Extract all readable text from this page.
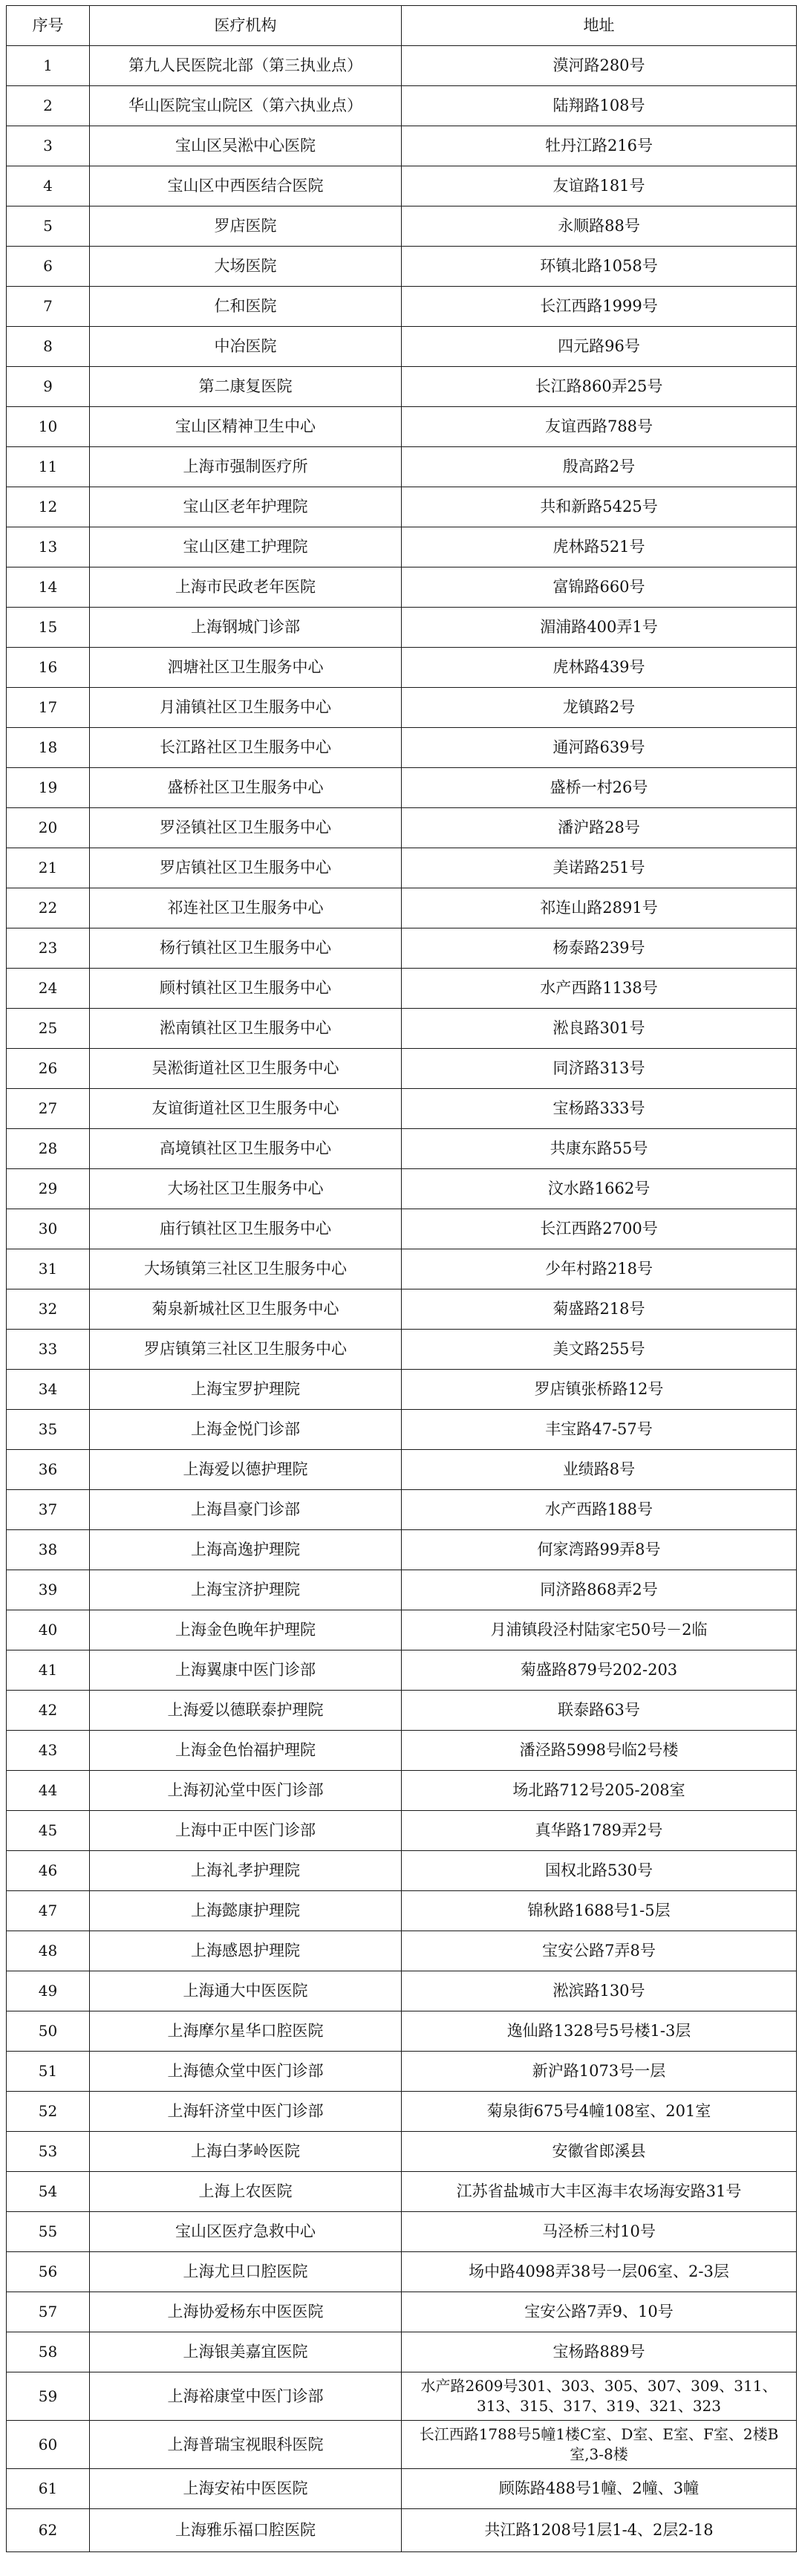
序号	医疗机构	地址
1	第九人民医院北部（第三执业点）	漠河路280号
2	华山医院宝山院区（第六执业点）	陆翔路108号
3	宝山区吴淞中心医院	牡丹江路216号
4	宝山区中西医结合医院	友谊路181号
5	罗店医院	永顺路88号
6	大场医院	环镇北路1058号
7	仁和医院	长江西路1999号
8	中冶医院	四元路96号
9	第二康复医院	长江路860弄25号
10	宝山区精神卫生中心	友谊西路788号
11	上海市强制医疗所	殷高路2号
12	宝山区老年护理院	共和新路5425号
13	宝山区建工护理院	虎林路521号
14	上海市民政老年医院	富锦路660号
15	上海钢城门诊部	湄浦路400弄1号
16	泗塘社区卫生服务中心	虎林路439号
17	月浦镇社区卫生服务中心	龙镇路2号
18	长江路社区卫生服务中心	通河路639号
19	盛桥社区卫生服务中心	盛桥一村26号
20	罗泾镇社区卫生服务中心	潘沪路28号
21	罗店镇社区卫生服务中心	美诺路251号
22	祁连社区卫生服务中心	祁连山路2891号
23	杨行镇社区卫生服务中心	杨泰路239号
24	顾村镇社区卫生服务中心	水产西路1138号
25	淞南镇社区卫生服务中心	淞良路301号
26	吴淞街道社区卫生服务中心	同济路313号
27	友谊街道社区卫生服务中心	宝杨路333号
28	高境镇社区卫生服务中心	共康东路55号
29	大场社区卫生服务中心	汶水路1662号
30	庙行镇社区卫生服务中心	长江西路2700号
31	大场镇第三社区卫生服务中心	少年村路218号
32	菊泉新城社区卫生服务中心	菊盛路218号
33	罗店镇第三社区卫生服务中心	美文路255号
34	上海宝罗护理院	罗店镇张桥路12号
35	上海金悦门诊部	丰宝路47-57号
36	上海爱以德护理院	业绩路8号
37	上海昌豪门诊部	水产西路188号
38	上海高逸护理院	何家湾路99弄8号
39	上海宝济护理院	同济路868弄2号
40	上海金色晚年护理院	月浦镇段泾村陆家宅50号－2临
41	上海翼康中医门诊部	菊盛路879号202-203
42	上海爱以德联泰护理院	联泰路63号
43	上海金色怡福护理院	潘泾路5998号临2号楼
44	上海初沁堂中医门诊部	场北路712号205-208室
45	上海中正中医门诊部	真华路1789弄2号
46	上海礼孝护理院	国权北路530号
47	上海懿康护理院	锦秋路1688号1-5层
48	上海感恩护理院	宝安公路7弄8号
49	上海通大中医医院	淞滨路130号
50	上海摩尔星华口腔医院	逸仙路1328号5号楼1-3层
51	上海德众堂中医门诊部	新沪路1073号一层
52	上海轩济堂中医门诊部	菊泉街675号4幢108室、201室
53	上海白茅岭医院	安徽省郎溪县
54	上海上农医院	江苏省盐城市大丰区海丰农场海安路31号
55	宝山区医疗急救中心	马泾桥三村10号
56	上海尤旦口腔医院	场中路4098弄38号一层06室、2-3层
57	上海协爱杨东中医医院	宝安公路7弄9、10号
58	上海银美嘉宜医院	宝杨路889号
59	上海裕康堂中医门诊部	水产路2609号301、303、305、307、309、311、313、315、317、319、321、323
60	上海普瑞宝视眼科医院	长江西路1788号5幢1楼C室、D室、E室、F室、2楼B室,3-8楼
61	上海安祐中医医院	顾陈路488号1幢、2幢、3幢
62	上海雅乐福口腔医院	共江路1208号1层1-4、2层2-18
